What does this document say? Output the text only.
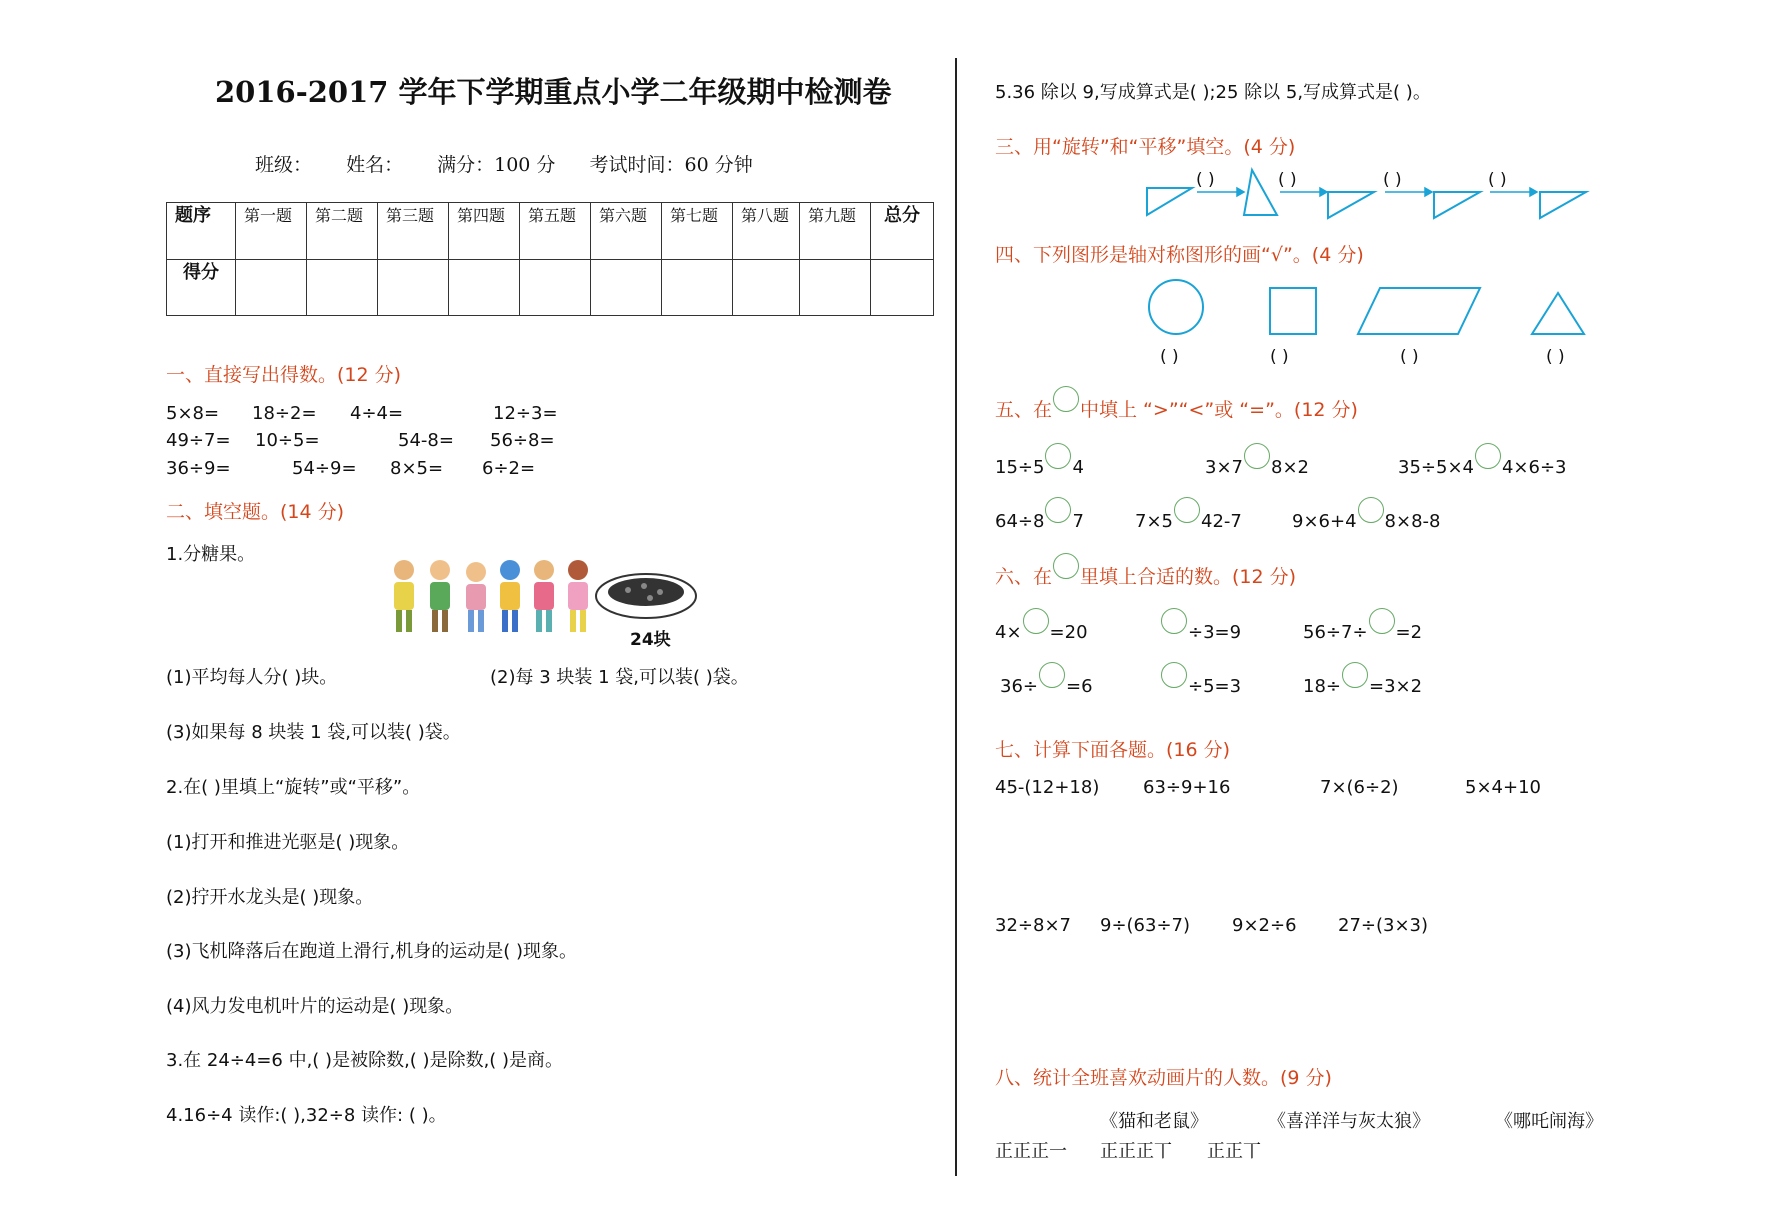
2016-2017 学年下学期重点小学二年级期中检测卷
班级： 姓名： 满分：100 分 考试时间：60 分钟
题序	第一题	第二题	第三题	第四题	第五题	第六题	第七题	第八题	第九题	总分
得分										
一、直接写出得数。(12 分)
5×8= 18÷2= 4÷4=	12÷3=
49÷7= 10÷5=	54-8= 56÷8=
36÷9=	54÷9= 8×5= 6÷2=
二、填空题。(14 分)
1.分糖果。
24块
(1)平均每人分( )块。	(2)每 3 块装 1 袋,可以装( )袋。
(3)如果每 8 块装 1 袋,可以装( )袋。
2.在( )里填上“旋转”或“平移”。
(1)打开和推进光驱是( )现象。
(2)拧开水龙头是( )现象。
(3)飞机降落后在跑道上滑行,机身的运动是( )现象。
(4)风力发电机叶片的运动是( )现象。
3.在 24÷4=6 中,( )是被除数,( )是除数,( )是商。
4.16÷4 读作:( ),32÷8 读作: ( )。
5.36 除以 9,写成算式是( );25 除以 5,写成算式是( )。
三、用“旋转”和“平移”填空。(4 分)
( )	( )	( )	( )
四、下列图形是轴对称图形的画“√”。(4 分)
( )	( )	( )	( )
五、在 中填上 “>”“<”或 “=”。(12 分)
15÷5 4	3×7 8×2	35÷5×4 4×6÷3
64÷8 7	7×5 42-7	9×6+4 8×8-8
六、在 里填上合适的数。(12 分)
4× =20	÷3=9	56÷7÷ =2
36÷ =6	÷5=3	18÷ =3×2
七、计算下面各题。(16 分)
45-(12+18) 63÷9+16	7×(6÷2)	5×4+10
32÷8×7 9÷(63÷7) 9×2÷6 27÷(3×3)
八、统计全班喜欢动画片的人数。(9 分)
《猫和老鼠》	《喜洋洋与灰太狼》	《哪吒闹海》
正正正一 正正正丅 正正丅
